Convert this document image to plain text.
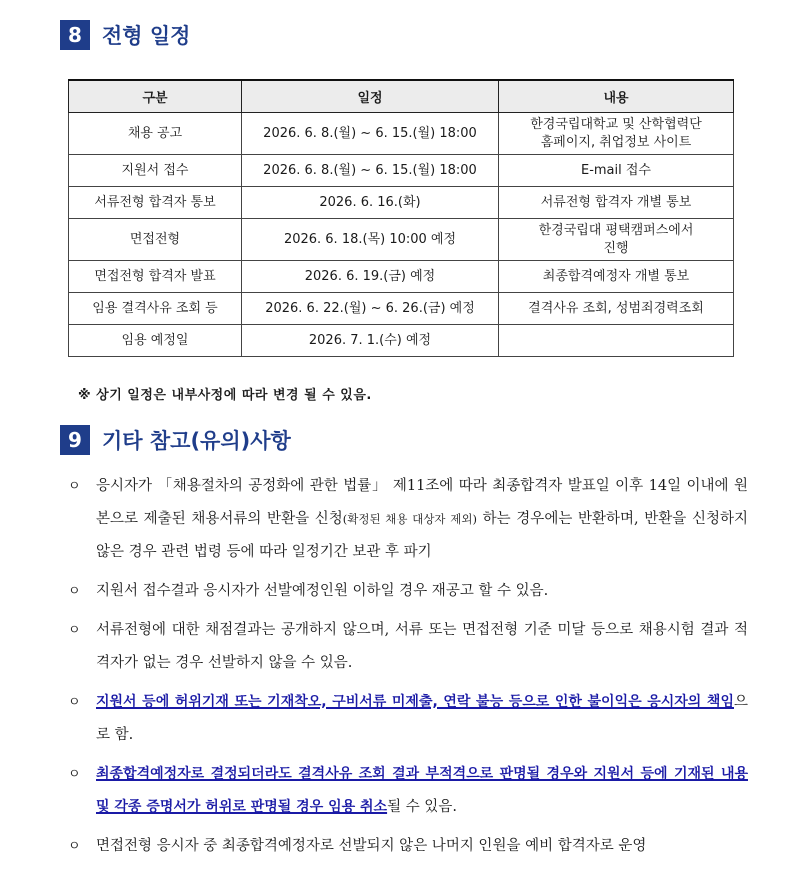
8 전형 일정
구분	일정	내용
채용 공고	2026. 6. 8.(월) ~ 6. 15.(월) 18:00	한경국립대학교 및 산학협력단
홈페이지, 취업정보 사이트
지원서 접수	2026. 6. 8.(월) ~ 6. 15.(월) 18:00	E-mail 접수
서류전형 합격자 통보	2026. 6. 16.(화)	서류전형 합격자 개별 통보
면접전형	2026. 6. 18.(목) 10:00 예정	한경국립대 평택캠퍼스에서
진행
면접전형 합격자 발표	2026. 6. 19.(금) 예정	최종합격예정자 개별 통보
임용 결격사유 조회 등	2026. 6. 22.(월) ~ 6. 26.(금) 예정	결격사유 조회, 성범죄경력조회
임용 예정일	2026. 7. 1.(수) 예정	
※ 상기 일정은 내부사정에 따라 변경 될 수 있음.
9 기타 참고(유의)사항
ㅇ 응시자가 「채용절차의 공정화에 관한 법률」 제11조에 따라 최종합격자 발표일 이후 14일 이내에 원본으로 제출된 채용서류의 반환을 신청(확정된 채용 대상자 제외) 하는 경우에는 반환하며, 반환을 신청하지 않은 경우 관련 법령 등에 따라 일정기간 보관 후 파기
ㅇ 지원서 접수결과 응시자가 선발예정인원 이하일 경우 재공고 할 수 있음.
ㅇ 서류전형에 대한 채점결과는 공개하지 않으며, 서류 또는 면접전형 기준 미달 등으로 채용시험 결과 적격자가 없는 경우 선발하지 않을 수 있음.
ㅇ 지원서 등에 허위기재 또는 기재착오, 구비서류 미제출, 연락 불능 등으로 인한 불이익은 응시자의 책임으로 함.
ㅇ 최종합격예정자로 결정되더라도 결격사유 조회 결과 부적격으로 판명될 경우와 지원서 등에 기재된 내용 및 각종 증명서가 허위로 판명될 경우 임용 취소될 수 있음.
ㅇ 면접전형 응시자 중 최종합격예정자로 선발되지 않은 나머지 인원을 예비 합격자로 운영
